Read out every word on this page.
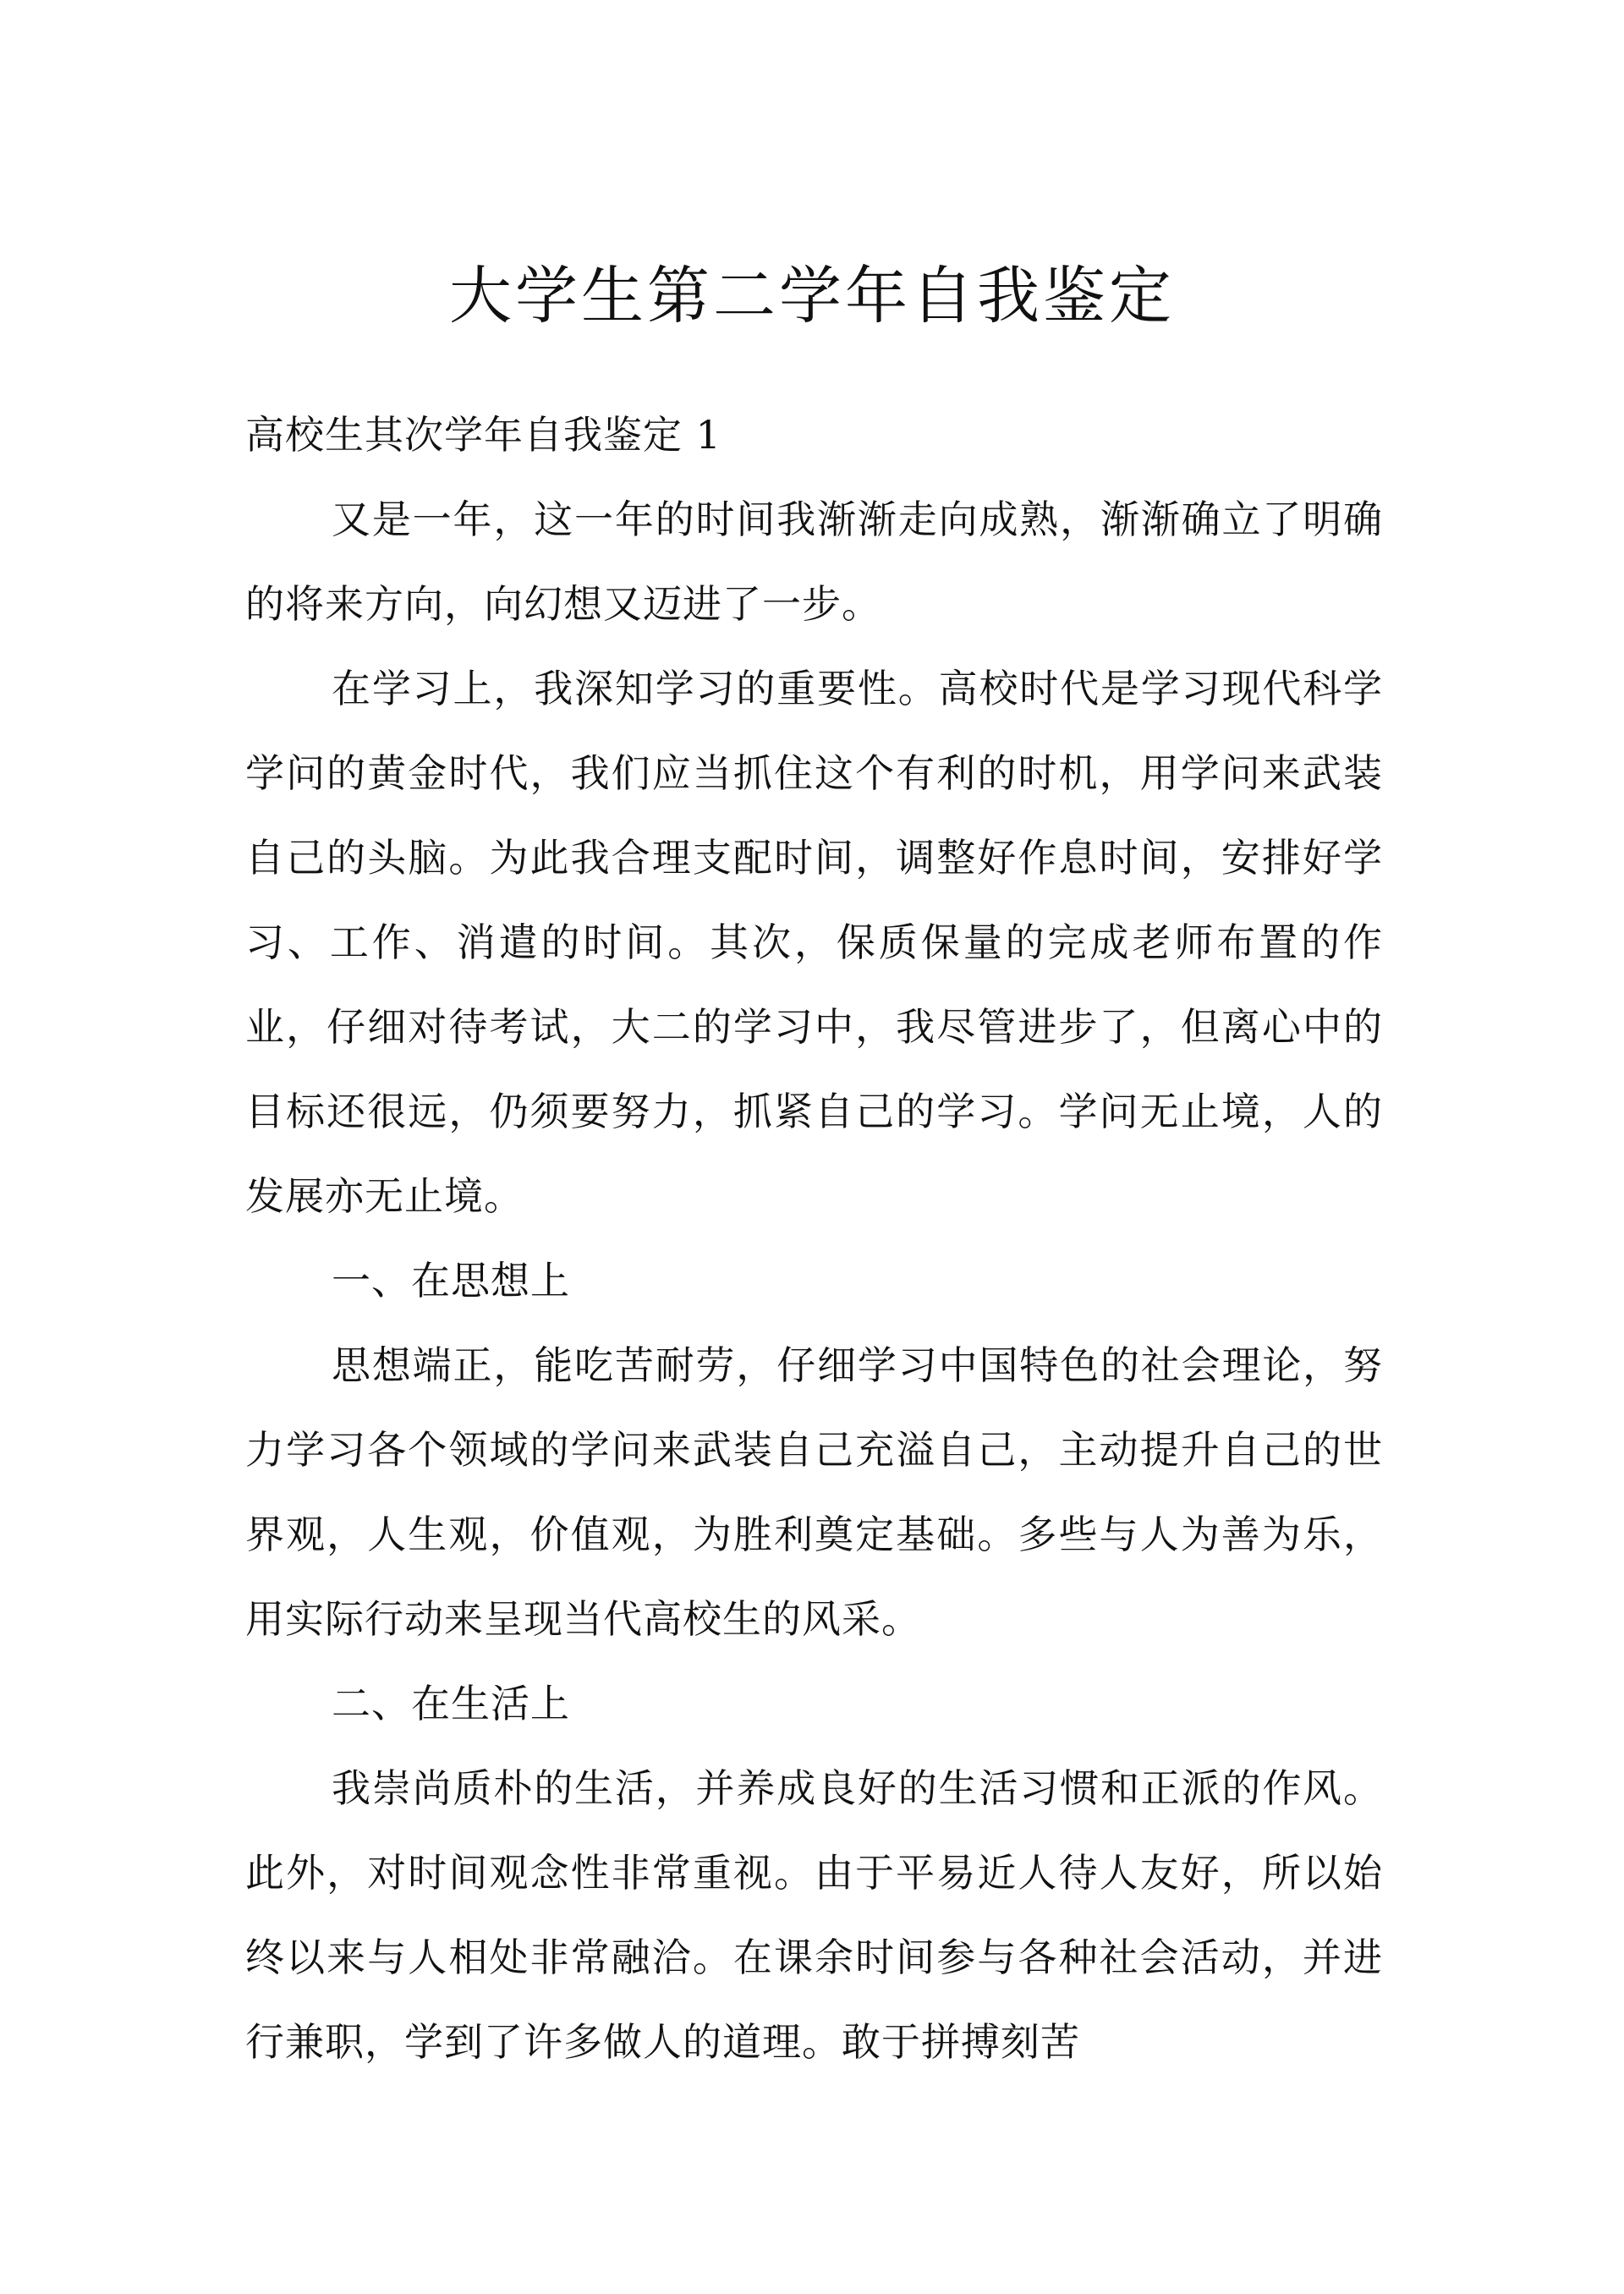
大学生第二学年自我鉴定

高校生其次学年自我鉴定 1

又是一年，这一年的时间我渐渐走向成熟，渐渐确立了明确的将来方向，向幻想又迈进了一步。

在学习上，我深知学习的重要性。高校时代是学习现代科学学问的黄金时代，我们应当抓住这个有利的时机，用学问来武装自己的头脑。为此我合理支配时间，调整好作息时间，安排好学习、工作、消遣的时间。其次，保质保量的完成老师布置的作业，仔细对待考试，大二的学习中，我尽管进步了，但离心中的目标还很远，仍须要努力，抓紧自己的学习。学问无止境，人的发展亦无止境。

一、在思想上

思想端正，能吃苦耐劳，仔细学习中国特色的社会理论，努力学习各个领域的学问来武装自己充溢自己，主动提升自己的世界观，人生观，价值观，为胜利奠定基础。多些与人为善为乐，用实际行动来呈现当代高校生的风采。

二、在生活上

我崇尚质朴的生活，并养成良好的生活习惯和正派的作风。此外，对时间观念性非常重视。由于平易近人待人友好，所以始终以来与人相处非常融洽。在课余时间参与各种社会活动，并进行兼职，学到了许多做人的道理。敢于拼搏刻苦
